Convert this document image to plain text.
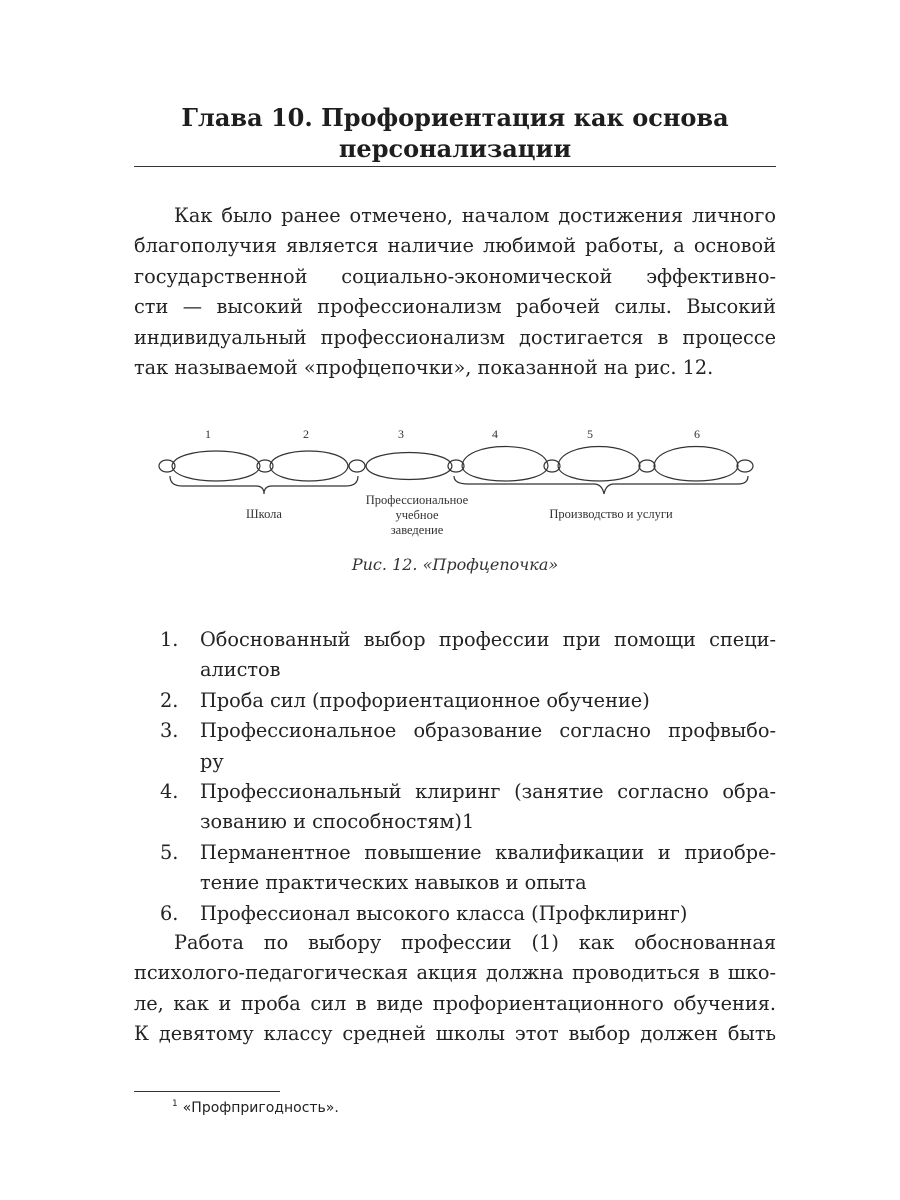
Глава 10. Профориентация как основа
персонализации

Как было ранее отмечено, началом достижения личного
благополучия является наличие любимой работы, а основой
государственной социально-экономической эффективно-
сти — высокий профессионализм рабочей силы. Высокий
индивидуальный профессионализм достигается в процессе
так называемой «профцепочки», показанной на рис. 12.

1	2	3	4	5	6
Школа
Профессиональное
учебное
заведение
Производство и услуги
Рис. 12. «Профцепочка»
1. Обоснованный выбор профессии при помощи специ-
алистов
2. Проба сил (профориентационное обучение)
3. Профессиональное образование согласно профвыбо-
ру
4. Профессиональный клиринг (занятие согласно обра-
зованию и способностям)1
5. Перманентное повышение квалификации и приобре-
тение практических навыков и опыта
6. Профессионал высокого класса (Профклиринг)

Работа по выбору профессии (1) как обоснованная
психолого-педагогическая акция должна проводиться в шко-
ле, как и проба сил в виде профориентационного обучения.
К девятому классу средней школы этот выбор должен быть

$^1$ «Профпригодность».
